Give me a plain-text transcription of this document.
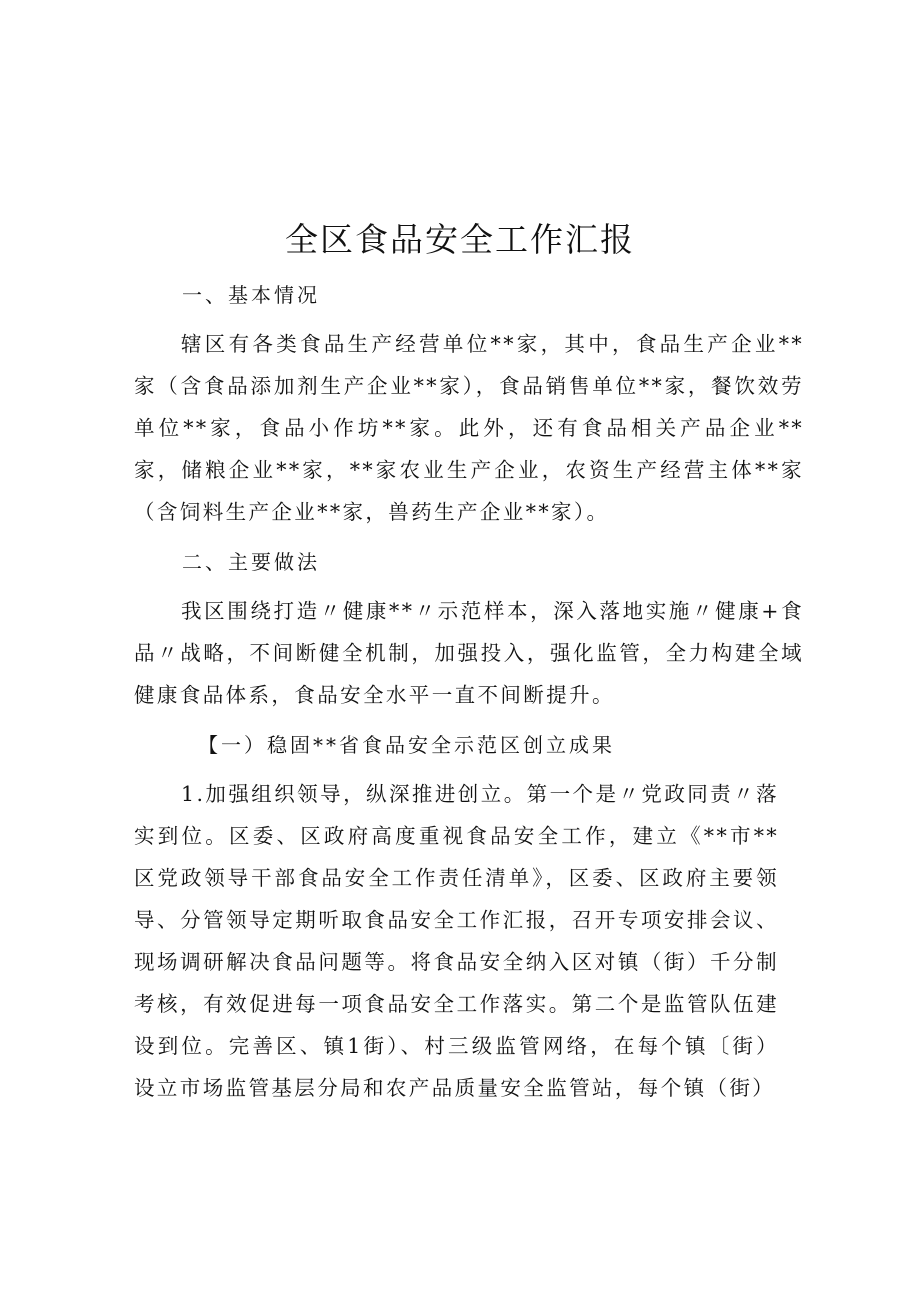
全区食品安全工作汇报
一、基本情况
辖区有各类食品生产经营单位**家，其中，食品生产企业**家（含食品添加剂生产企业**家），食品销售单位**家，餐饮效劳单位**家，食品小作坊**家。此外，还有食品相关产品企业**家，储粮企业**家，**家农业生产企业，农资生产经营主体**家（含饲料生产企业**家，兽药生产企业**家）。
二、主要做法
我区围绕打造〃健康**〃示范样本，深入落地实施〃健康+食品〃战略，不间断健全机制，加强投入，强化监管，全力构建全域健康食品体系，食品安全水平一直不间断提升。
【一）稳固**省食品安全示范区创立成果
1.加强组织领导，纵深推进创立。第一个是〃党政同责〃落实到位。区委、区政府高度重视食品安全工作，建立《**市**区党政领导干部食品安全工作责任清单》，区委、区政府主要领导、分管领导定期听取食品安全工作汇报，召开专项安排会议、现场调研解决食品问题等。将食品安全纳入区对镇（街）千分制考核，有效促进每一项食品安全工作落实。第二个是监管队伍建设到位。完善区、镇1街）、村三级监管网络，在每个镇〔街）设立市场监管基层分局和农产品质量安全监管站，每个镇（街）
